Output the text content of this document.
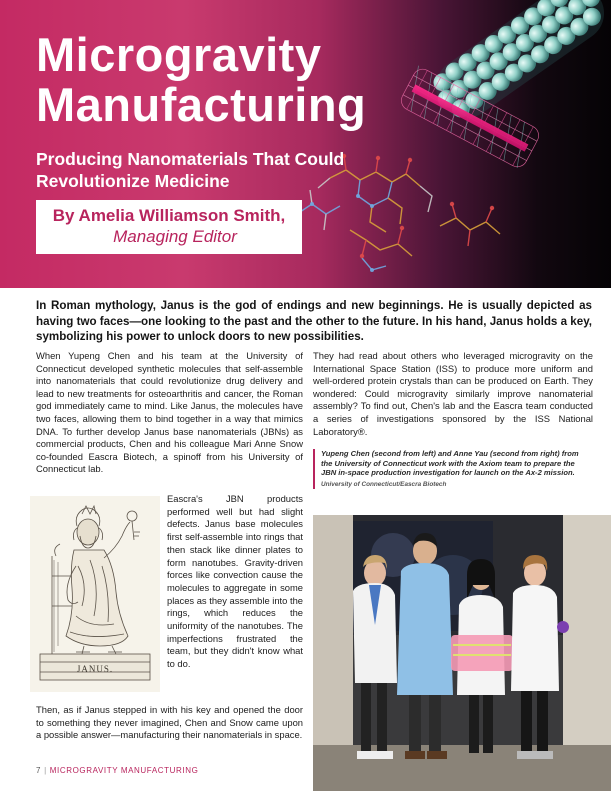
Microgravity Manufacturing
Producing Nanomaterials That Could Revolutionize Medicine
By Amelia Williamson Smith,
Managing Editor

In Roman mythology, Janus is the god of endings and new beginnings. He is usually depicted as having two faces—one looking to the past and the other to the future. In his hand, Janus holds a key, symbolizing his power to unlock doors to new possibilities.

When Yupeng Chen and his team at the University of Connecticut developed synthetic molecules that self-assemble into nanomaterials that could revolutionize drug delivery and lead to new treatments for osteoarthritis and cancer, the Roman god immediately came to mind. Like Janus, the molecules have two faces, allowing them to bind together in a way that mimics DNA. To further develop Janus base nanomaterials (JBNs) as commercial products, Chen and his colleague Mari Anne Snow co-founded Eascra Biotech, a spinoff from his University of Connecticut lab.

JANUS.

Eascra's JBN products performed well but had slight defects. Janus base molecules first self-assemble into rings that then stack like dinner plates to form nanotubes. Gravity-driven forces like convection cause the molecules to aggregate in some places as they assemble into the rings, which reduces the uniformity of the nanotubes. The imperfections frustrated the team, but they didn't know what to do.

Then, as if Janus stepped in with his key and opened the door to something they never imagined, Chen and Snow came upon a possible answer—manufacturing their nanomaterials in space.

They had read about others who leveraged microgravity on the International Space Station (ISS) to produce more uniform and well-ordered protein crystals than can be produced on Earth. They wondered: Could microgravity similarly improve nanomaterial assembly? To find out, Chen's lab and the Eascra team conducted a series of investigations sponsored by the ISS National Laboratory®.

Yupeng Chen (second from left) and Anne Yau (second from right) from the University of Connecticut work with the Axiom team to prepare the JBN in-space production investigation for launch on the Ax-2 mission.

University of Connecticut/Eascra Biotech

7 | MICROGRAVITY MANUFACTURING
